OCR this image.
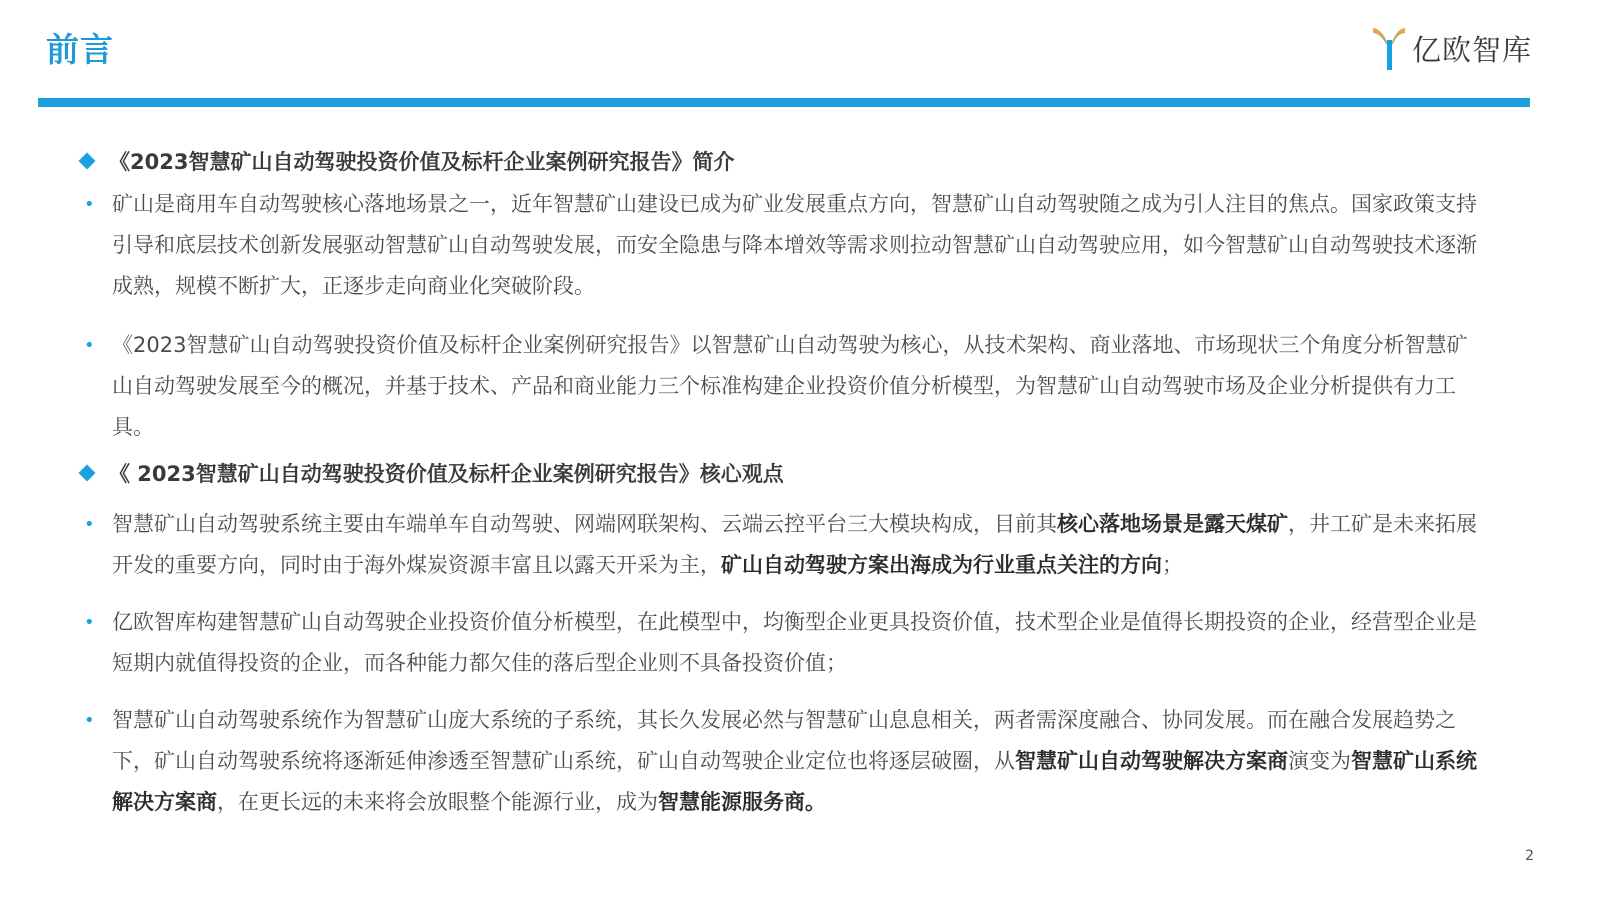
前言	亿欧智库
《2023智慧矿山自动驾驶投资价值及标杆企业案例研究报告》简介
• 矿山是商用车自动驾驶核心落地场景之一，近年智慧矿山建设已成为矿业发展重点方向，智慧矿山自动驾驶随之成为引人注目的焦点。国家政策支持引导和底层技术创新发展驱动智慧矿山自动驾驶发展，而安全隐患与降本增效等需求则拉动智慧矿山自动驾驶应用，如今智慧矿山自动驾驶技术逐渐成熟，规模不断扩大，正逐步走向商业化突破阶段。
• 《2023智慧矿山自动驾驶投资价值及标杆企业案例研究报告》以智慧矿山自动驾驶为核心，从技术架构、商业落地、市场现状三个角度分析智慧矿山自动驾驶发展至今的概况，并基于技术、产品和商业能力三个标准构建企业投资价值分析模型，为智慧矿山自动驾驶市场及企业分析提供有力工具。
《 2023智慧矿山自动驾驶投资价值及标杆企业案例研究报告》核心观点
• 智慧矿山自动驾驶系统主要由车端单车自动驾驶、网端网联架构、云端云控平台三大模块构成，目前其核心落地场景是露天煤矿，井工矿是未来拓展开发的重要方向，同时由于海外煤炭资源丰富且以露天开采为主，矿山自动驾驶方案出海成为行业重点关注的方向；
• 亿欧智库构建智慧矿山自动驾驶企业投资价值分析模型，在此模型中，均衡型企业更具投资价值，技术型企业是值得长期投资的企业，经营型企业是短期内就值得投资的企业，而各种能力都欠佳的落后型企业则不具备投资价值；
• 智慧矿山自动驾驶系统作为智慧矿山庞大系统的子系统，其长久发展必然与智慧矿山息息相关，两者需深度融合、协同发展。而在融合发展趋势之下，矿山自动驾驶系统将逐渐延伸渗透至智慧矿山系统，矿山自动驾驶企业定位也将逐层破圈，从智慧矿山自动驾驶解决方案商演变为智慧矿山系统解决方案商，在更长远的未来将会放眼整个能源行业，成为智慧能源服务商。
2
